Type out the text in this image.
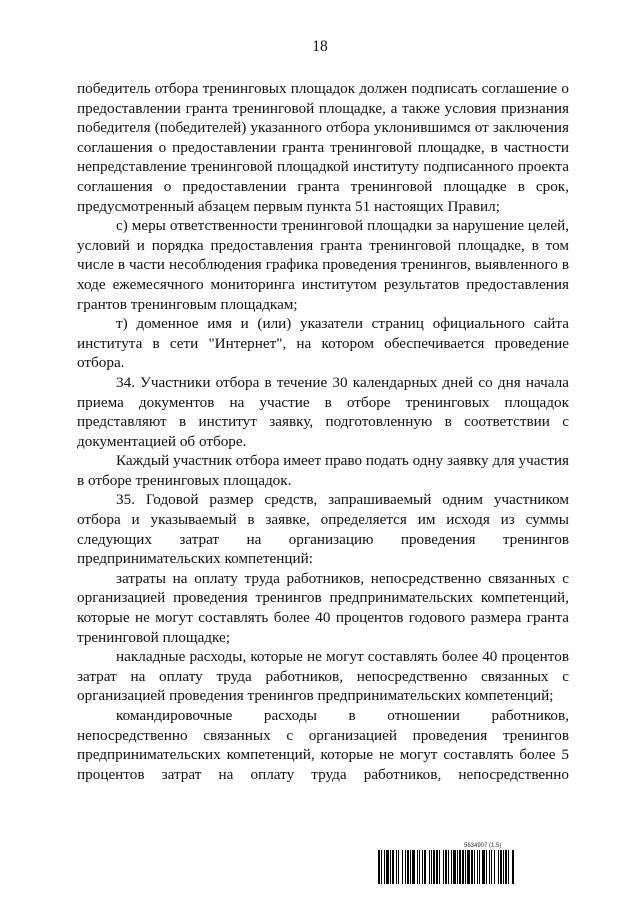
18

победитель отбора тренинговых площадок должен подписать соглашение о предоставлении гранта тренинговой площадке, а также условия признания победителя (победителей) указанного отбора уклонившимся от заключения соглашения о предоставлении гранта тренинговой площадке, в частности непредставление тренинговой площадкой институту подписанного проекта соглашения о предоставлении гранта тренинговой площадке в срок, предусмотренный абзацем первым пункта 51 настоящих Правил;

с) меры ответственности тренинговой площадки за нарушение целей, условий и порядка предоставления гранта тренинговой площадке, в том числе в части несоблюдения графика проведения тренингов, выявленного в ходе ежемесячного мониторинга институтом результатов предоставления грантов тренинговым площадкам;

т) доменное имя и (или) указатели страниц официального сайта института в сети "Интернет", на котором обеспечивается проведение отбора.

34. Участники отбора в течение 30 календарных дней со дня начала приема документов на участие в отборе тренинговых площадок представляют в институт заявку, подготовленную в соответствии с документацией об отборе.

Каждый участник отбора имеет право подать одну заявку для участия в отборе тренинговых площадок.

35. Годовой размер средств, запрашиваемый одним участником отбора и указываемый в заявке, определяется им исходя из суммы следующих затрат на организацию проведения тренингов предпринимательских компетенций:

затраты на оплату труда работников, непосредственно связанных с организацией проведения тренингов предпринимательских компетенций, которые не могут составлять более 40 процентов годового размера гранта тренинговой площадке;

накладные расходы, которые не могут составлять более 40 процентов затрат на оплату труда работников, непосредственно связанных с организацией проведения тренингов предпринимательских компетенций;

командировочные расходы в отношении работников, непосредственно связанных с организацией проведения тренингов предпринимательских компетенций, которые не могут составлять более 5 процентов затрат на оплату труда работников, непосредственно

5634907 (1.5)
